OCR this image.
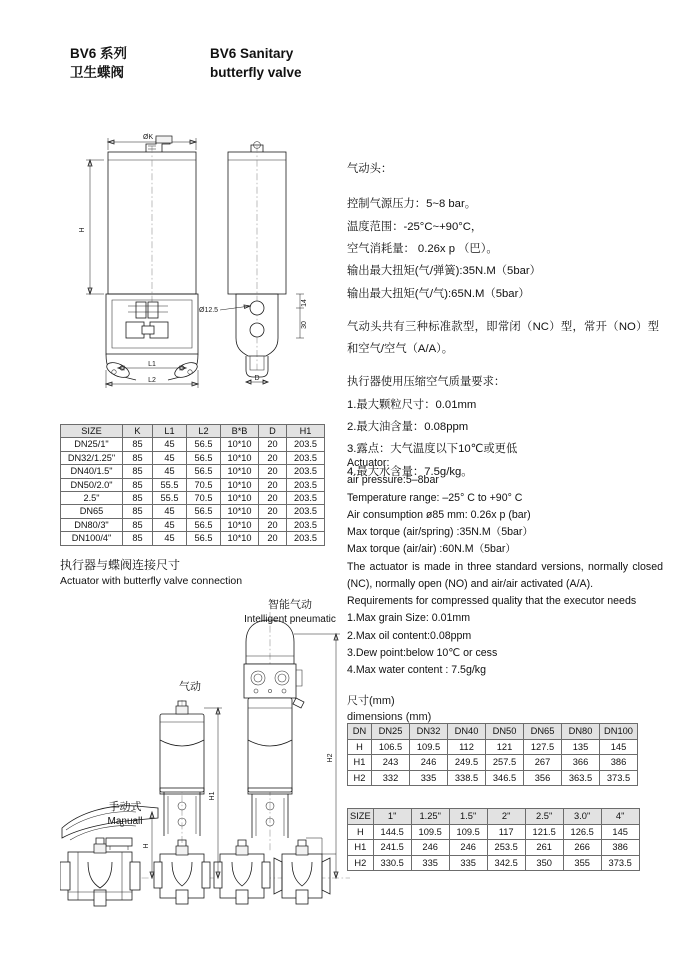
BV6 系列
卫生蝶阀
BV6 Sanitary
butterfly valve
ØK
H
L1
L2
Ø12.5
14
30
D

气动头：

控制气源压力：5~8 bar。

温度范围：-25°C~+90°C，

空气消耗量： 0.26x p （巴）。

输出最大扭矩(气/弹簧):35N.M（5bar）

输出最大扭矩(气/气):65N.M（5bar）

气动头共有三种标准款型，即常闭（NC）型，常开（NO）型和空气/空气（A/A）。

执行器使用压缩空气质量要求：

1.最大颗粒尺寸：0.01mm

2.最大油含量：0.08ppm

3.露点：大气温度以下10℃或更低

4.最大水含量：7.5g/kg。

Actuator:

air pressure:5–8bar

Temperature range: –25° C to +90° C

Air consumption ø85 mm: 0.26x p (bar)

Max torque (air/spring) :35N.M（5bar）

Max torque (air/air) :60N.M（5bar）

The actuator is made in three standard versions, normally closed (NC), normally open (NO) and air/air activated (A/A).

Requirements for compressed quality that the executor needs

1.Max grain Size: 0.01mm

2.Max oil content:0.08ppm

3.Dew point:below 10℃ or cess

4.Max water content : 7.5g/kg

SIZE	K	L1	L2	B*B	D	H1
DN25/1"	85	45	56.5	10*10	20	203.5
DN32/1.25"	85	45	56.5	10*10	20	203.5
DN40/1.5"	85	45	56.5	10*10	20	203.5
DN50/2.0"	85	55.5	70.5	10*10	20	203.5
2.5"	85	55.5	70.5	10*10	20	203.5
DN65	85	45	56.5	10*10	20	203.5
DN80/3"	85	45	56.5	10*10	20	203.5
DN100/4"	85	45	56.5	10*10	20	203.5
执行器与蝶阀连接尺寸
Actuator with butterfly valve connection
H
H1
H2
手动式
Manuall
气动
智能气动
Intelligent pneumatic
尺寸(mm)
dimensions (mm)
DN	DN25	DN32	DN40	DN50	DN65	DN80	DN100
H	106.5	109.5	112	121	127.5	135	145
H1	243	246	249.5	257.5	267	366	386
H2	332	335	338.5	346.5	356	363.5	373.5
SIZE	1"	1.25"	1.5"	2"	2.5"	3.0"	4"
H	144.5	109.5	109.5	117	121.5	126.5	145
H1	241.5	246	246	253.5	261	266	386
H2	330.5	335	335	342.5	350	355	373.5
